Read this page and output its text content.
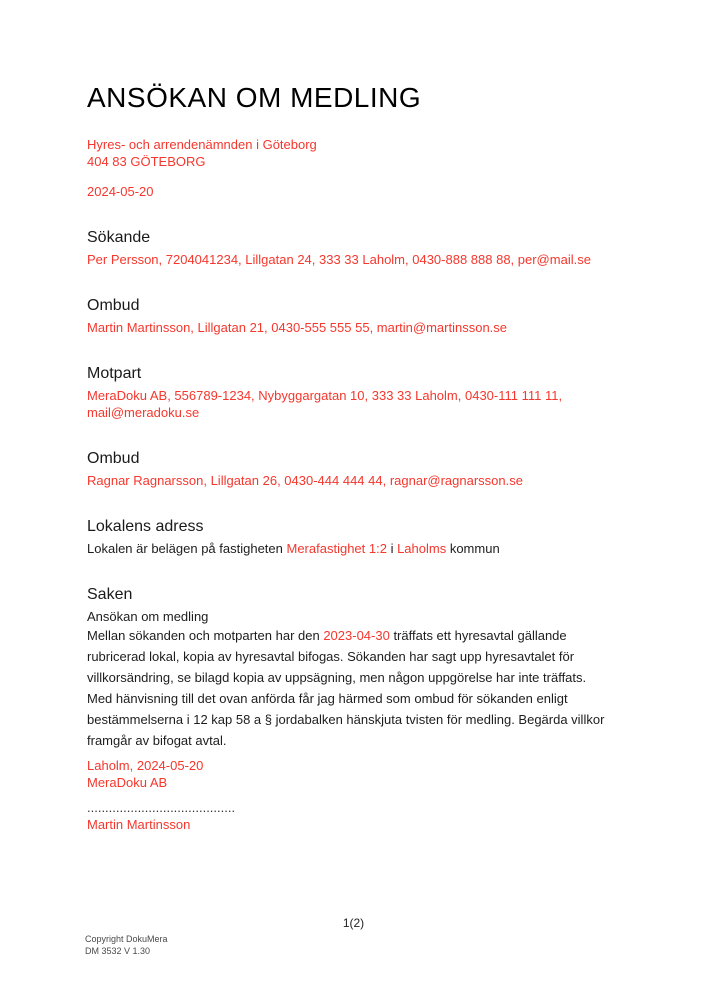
ANSÖKAN OM MEDLING
Hyres- och arrendenämnden i Göteborg
404 83 GÖTEBORG
2024-05-20
Sökande
Per Persson, 7204041234, Lillgatan 24, 333 33 Laholm, 0430-888 888 88, per@mail.se
Ombud
Martin Martinsson, Lillgatan 21, 0430-555 555 55, martin@martinsson.se
Motpart
MeraDoku AB, 556789-1234, Nybyggargatan 10, 333 33 Laholm, 0430-111 111 11,
mail@meradoku.se
Ombud
Ragnar Ragnarsson, Lillgatan 26, 0430-444 444 44, ragnar@ragnarsson.se
Lokalens adress
Lokalen är belägen på fastigheten Merafastighet 1:2 i Laholms kommun
Saken
Ansökan om medling

Mellan sökanden och motparten har den 2023-04-30 träffats ett hyresavtal gällande rubricerad lokal, kopia av hyresavtal bifogas. Sökanden har sagt upp hyresavtalet för villkorsändring, se bilagd kopia av uppsägning, men någon uppgörelse har inte träffats.

Med hänvisning till det ovan anförda får jag härmed som ombud för sökanden enligt bestämmelserna i 12 kap 58 a § jordabalken hänskjuta tvisten för medling. Begärda villkor framgår av bifogat avtal.

Laholm, 2024-05-20
MeraDoku AB
.........................................
Martin Martinsson
1(2)
Copyright DokuMera
DM 3532 V 1.30
